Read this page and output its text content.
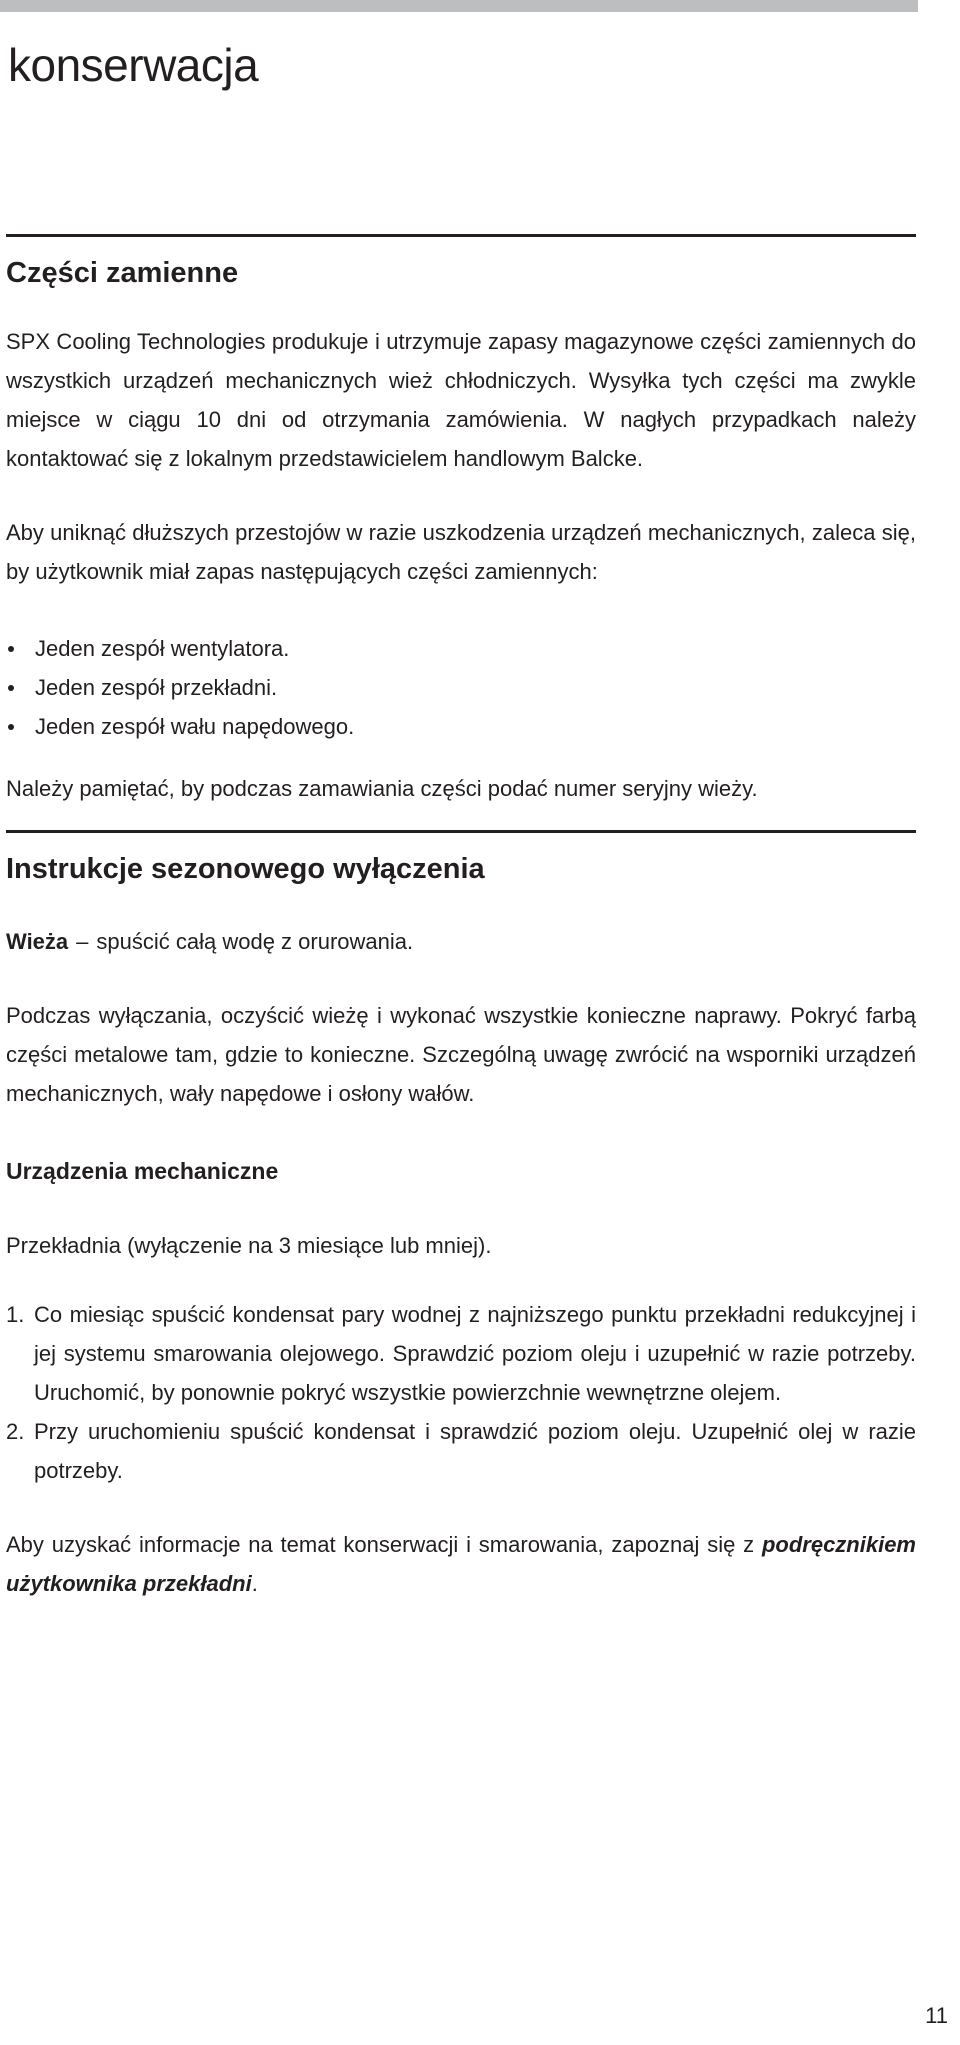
konserwacja
Części zamienne

SPX Cooling Technologies produkuje i utrzymuje zapasy magazynowe części zamiennych do wszystkich urządzeń mechanicznych wież chłodniczych. Wysyłka tych części ma zwykle miejsce w ciągu 10 dni od otrzymania zamówienia. W nagłych przypadkach należy kontaktować się z lokalnym przedstawicielem handlowym Balcke.

Aby uniknąć dłuższych przestojów w razie uszkodzenia urządzeń mechanicznych, zaleca się, by użytkownik miał zapas następujących części zamiennych:

Jeden zespół wentylatora.
Jeden zespół przekładni.
Jeden zespół wału napędowego.

Należy pamiętać, by podczas zamawiania części podać numer seryjny wieży.

Instrukcje sezonowego wyłączenia

Wieża – spuścić całą wodę z orurowania.

Podczas wyłączania, oczyścić wieżę i wykonać wszystkie konieczne naprawy. Pokryć farbą części metalowe tam, gdzie to konieczne. Szczególną uwagę zwrócić na wsporniki urządzeń mechanicznych, wały napędowe i osłony wałów.

Urządzenia mechaniczne

Przekładnia (wyłączenie na 3 miesiące lub mniej).

1. Co miesiąc spuścić kondensat pary wodnej z najniższego punktu przekładni redukcyjnej i jej systemu smarowania olejowego. Sprawdzić poziom oleju i uzupełnić w razie potrzeby. Uruchomić, by ponownie pokryć wszystkie powierzchnie wewnętrzne olejem.
2. Przy uruchomieniu spuścić kondensat i sprawdzić poziom oleju. Uzupełnić olej w razie potrzeby.

Aby uzyskać informacje na temat konserwacji i smarowania, zapoznaj się z podręcznikiem użytkownika przekładni.

11
